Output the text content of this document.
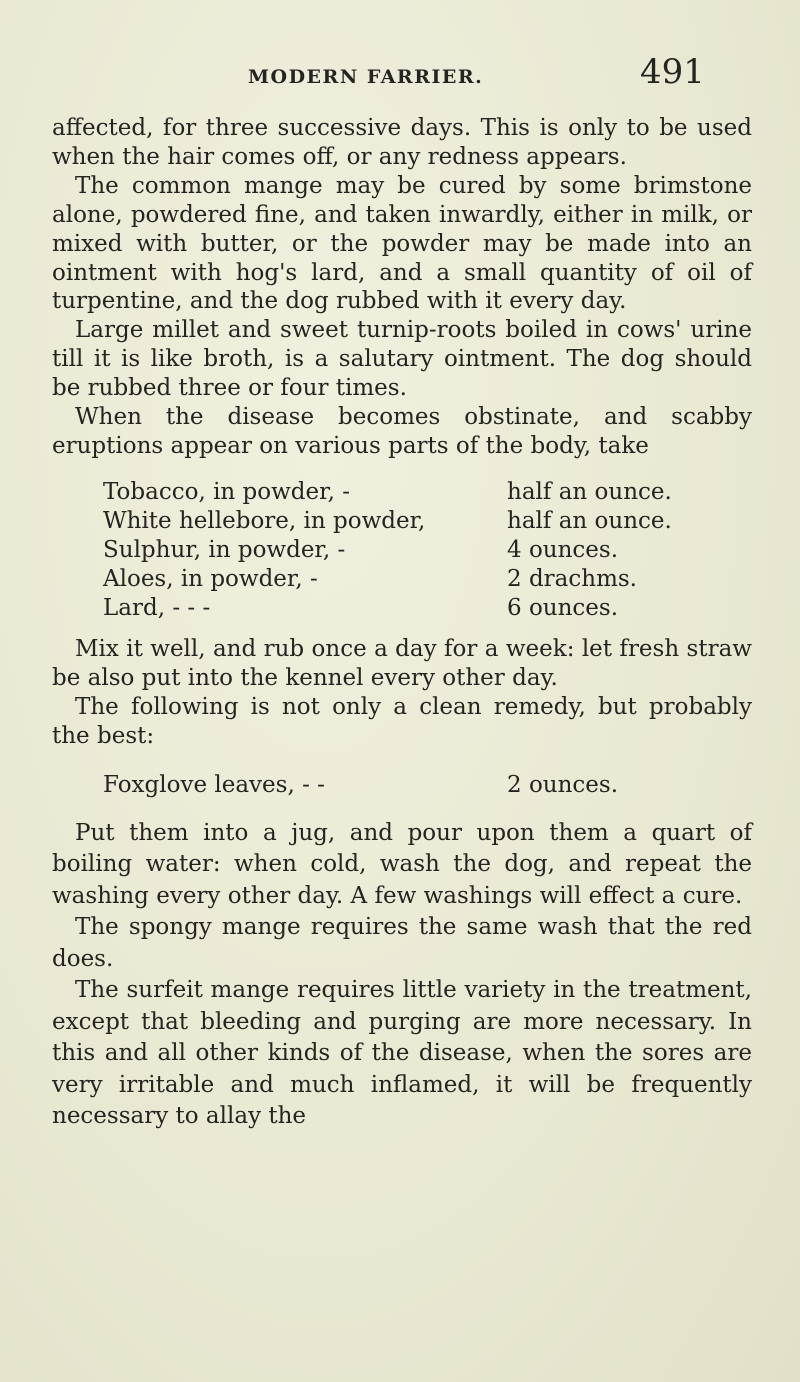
MODERN FARRIER.	491

affected, for three successive days. This is only to be used when the hair comes off, or any redness appears.

The common mange may be cured by some brimstone alone, powdered fine, and taken inwardly, either in milk, or mixed with butter, or the powder may be made into an ointment with hog's lard, and a small quantity of oil of turpentine, and the dog rubbed with it every day.

Large millet and sweet turnip-roots boiled in cows' urine till it is like broth, is a salutary ointment. The dog should be rubbed three or four times.

When the disease becomes obstinate, and scabby eruptions appear on various parts of the body, take

Tobacco, in powder, -	half an ounce.
White hellebore, in powder,	half an ounce.
Sulphur, in powder, -	4 ounces.
Aloes, in powder, -	2 drachms.
Lard, - - -	6 ounces.

Mix it well, and rub once a day for a week: let fresh straw be also put into the kennel every other day.

The following is not only a clean remedy, but probably the best:

Foxglove leaves, - -	2 ounces.

Put them into a jug, and pour upon them a quart of boiling water: when cold, wash the dog, and repeat the washing every other day. A few washings will effect a cure.

The spongy mange requires the same wash that the red does.

The surfeit mange requires little variety in the treatment, except that bleeding and purging are more necessary. In this and all other kinds of the disease, when the sores are very irritable and much inflamed, it will be frequently necessary to allay the
